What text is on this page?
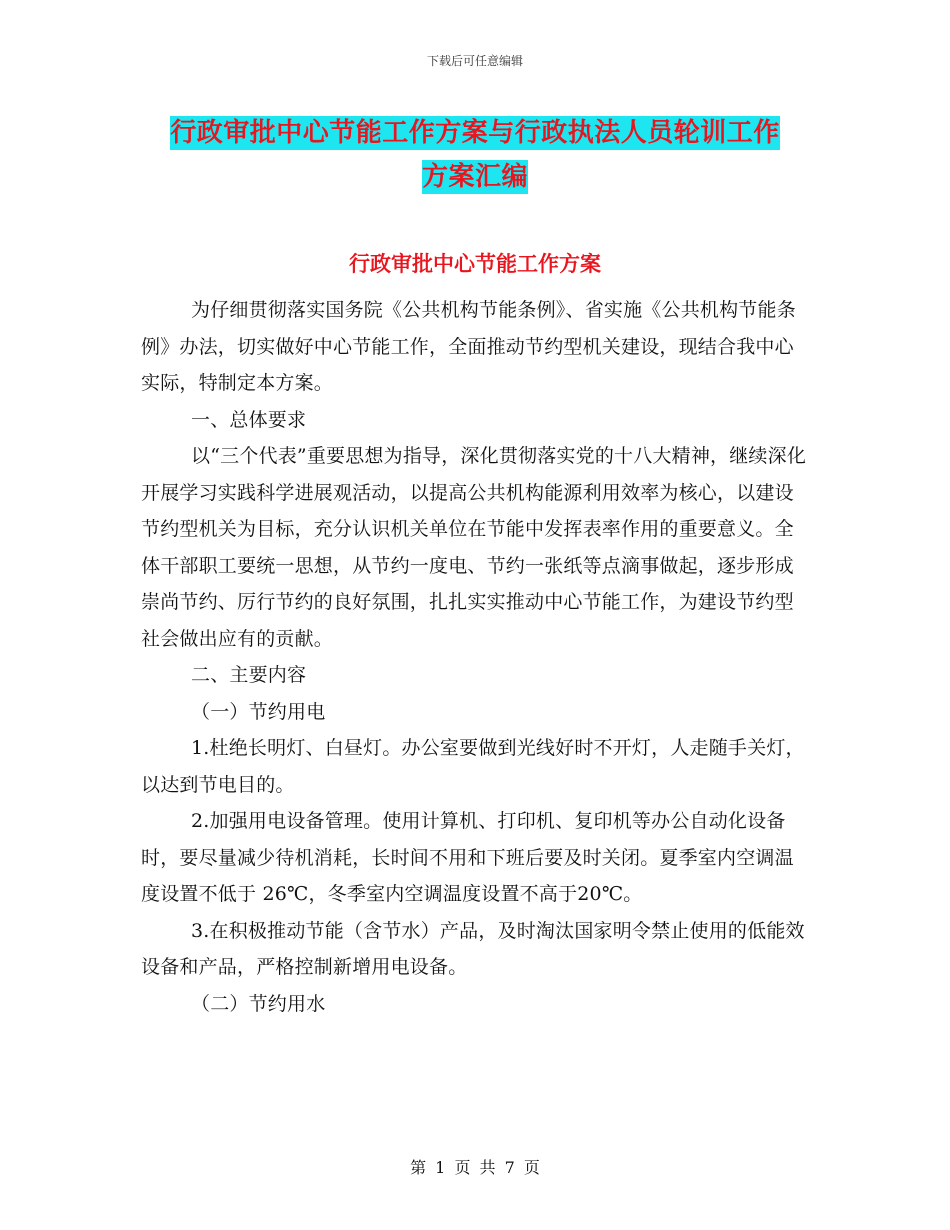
下载后可任意编辑
行政审批中心节能工作方案与行政执法人员轮训工作
方案汇编
行政审批中心节能工作方案

为仔细贯彻落实国务院《公共机构节能条例》、省实施《公共机构节能条例》办法，切实做好中心节能工作，全面推动节约型机关建设，现结合我中心实际，特制定本方案。

一、总体要求

以“三个代表”重要思想为指导，深化贯彻落实党的十八大精神，继续深化开展学习实践科学进展观活动，以提高公共机构能源利用效率为核心，以建设节约型机关为目标，充分认识机关单位在节能中发挥表率作用的重要意义。全体干部职工要统一思想，从节约一度电、节约一张纸等点滴事做起，逐步形成崇尚节约、厉行节约的良好氛围，扎扎实实推动中心节能工作，为建设节约型社会做出应有的贡献。

二、主要内容

（一）节约用电

1.杜绝长明灯、白昼灯。办公室要做到光线好时不开灯，人走随手关灯，以达到节电目的。

2.加强用电设备管理。使用计算机、打印机、复印机等办公自动化设备时，要尽量减少待机消耗，长时间不用和下班后要及时关闭。夏季室内空调温度设置不低于 26℃，冬季室内空调温度设置不高于20℃。

3.在积极推动节能（含节水）产品，及时淘汰国家明令禁止使用的低能效设备和产品，严格控制新增用电设备。

（二）节约用水

第 1 页 共 7 页
